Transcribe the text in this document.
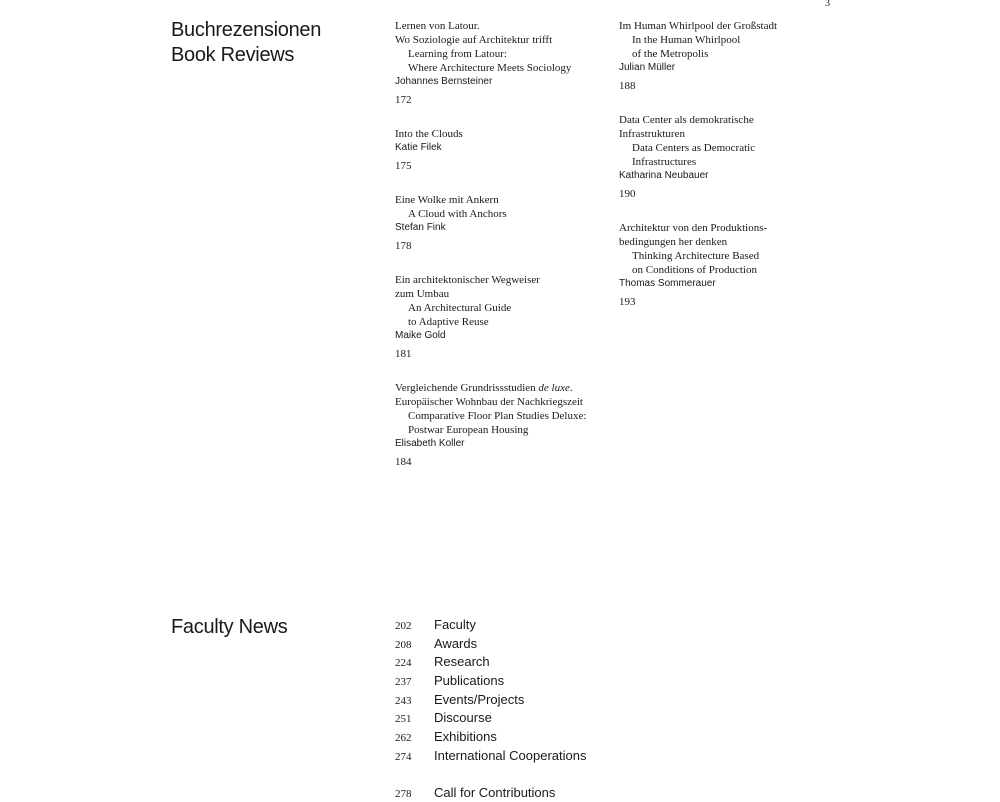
3
Buchrezensionen
Book Reviews
Lernen von Latour.
Wo Soziologie auf Architektur trifft
Learning from Latour:
Where Architecture Meets Sociology
Johannes Bernsteiner
172
Into the Clouds
Katie Filek
175
Eine Wolke mit Ankern
A Cloud with Anchors
Stefan Fink
178
Ein architektonischer Wegweiser
zum Umbau
An Architectural Guide
to Adaptive Reuse
Maike Gold
181
Vergleichende Grundrissstudien de luxe.
Europäischer Wohnbau der Nachkriegszeit
Comparative Floor Plan Studies Deluxe:
Postwar European Housing
Elisabeth Koller
184
Im Human Whirlpool der Großstadt
In the Human Whirlpool
of the Metropolis
Julian Müller
188
Data Center als demokratische
Infrastrukturen
Data Centers as Democratic
Infrastructures
Katharina Neubauer
190
Architektur von den Produktions-
bedingungen her denken
Thinking Architecture Based
on Conditions of Production
Thomas Sommerauer
193
Faculty News	202 Faculty
208 Awards
224 Research
237 Publications
243 Events/Projects
251 Discourse
262 Exhibitions
274 International Cooperations
278 Call for Contributions
